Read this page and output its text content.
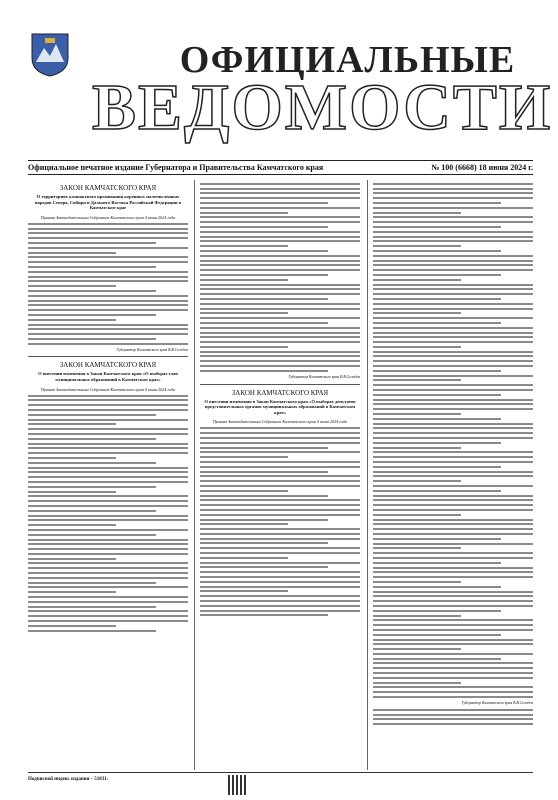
ОФИЦИАЛЬНЫЕ
ВЕДОМОСТИ
Официальное печатное издание Губернатора и Правительства Камчатского края	№ 100 (6668) 18 июня 2024 г.
ЗАКОН КАМЧАТСКОГО КРАЯ
О территориях компактного проживания коренных малочисленных народов Севера, Сибири и Дальнего Востока Российской Федерации в Камчатском крае
Принят Законодательным Собранием Камчатского края 4 июня 2024 года
Губернатор Камчатского края В.В.Солодов
ЗАКОН КАМЧАТСКОГО КРАЯ
О внесении изменения в Закон Камчатского края «О выборах глав муниципальных образований в Камчатском крае»
Принят Законодательным Собранием Камчатского края 4 июня 2024 года
Губернатор Камчатского края В.В.Солодов
ЗАКОН КАМЧАТСКОГО КРАЯ
О внесении изменения в Закон Камчатского края «О выборах депутатов представительных органов муниципальных образований в Камчатском крае»
Принят Законодательным Собранием Камчатского края 4 июня 2024 года
Губернатор Камчатского края В.В.Солодов
Подписной индекс издания – 51831.
